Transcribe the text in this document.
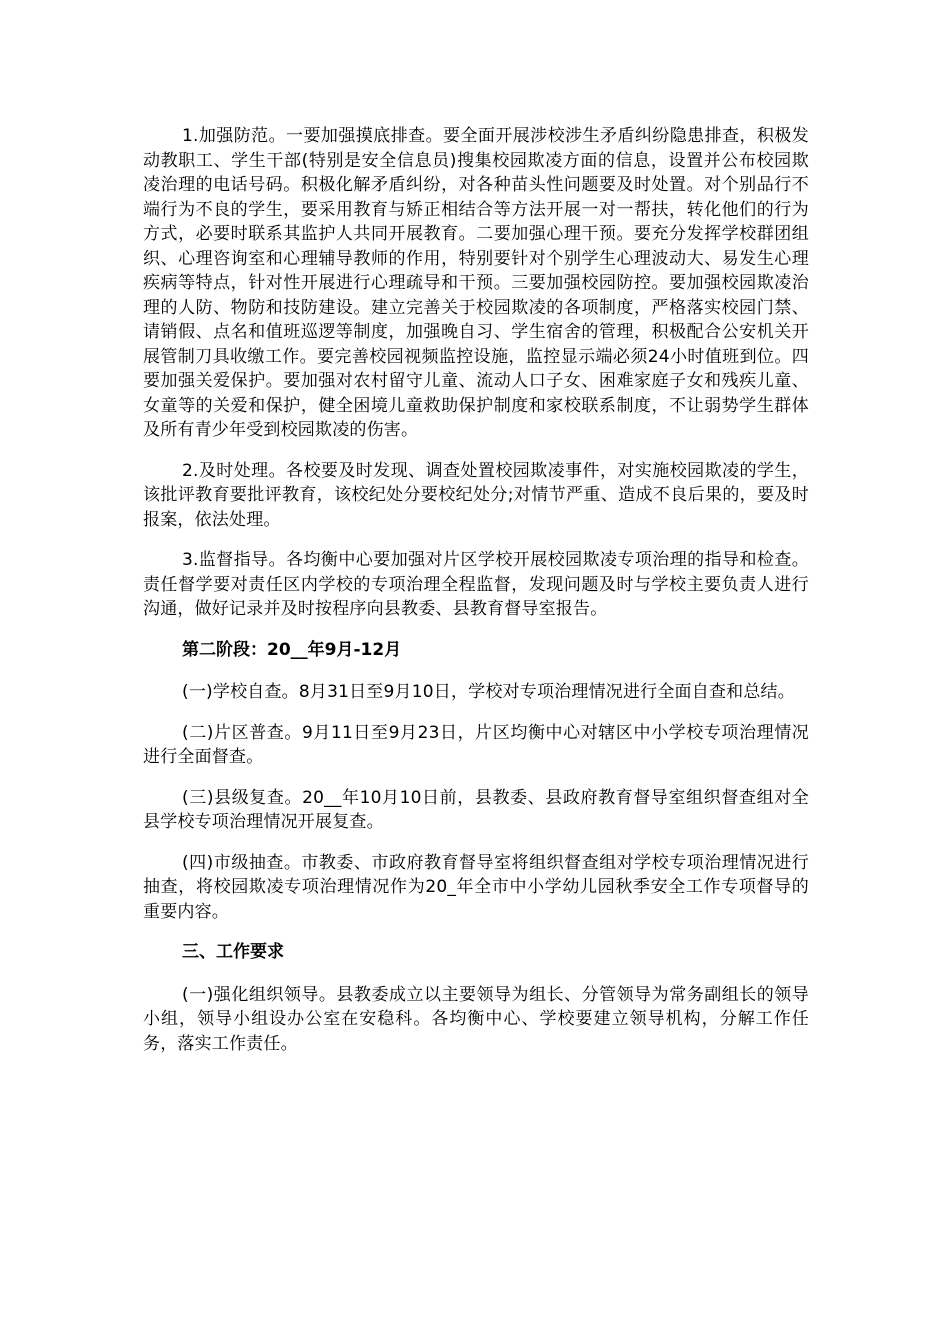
1.加强防范。一要加强摸底排查。要全面开展涉校涉生矛盾纠纷隐患排查，积极发动教职工、学生干部(特别是安全信息员)搜集校园欺凌方面的信息，设置并公布校园欺凌治理的电话号码。积极化解矛盾纠纷，对各种苗头性问题要及时处置。对个别品行不端行为不良的学生，要采用教育与矫正相结合等方法开展一对一帮扶，转化他们的行为方式，必要时联系其监护人共同开展教育。二要加强心理干预。要充分发挥学校群团组织、心理咨询室和心理辅导教师的作用，特别要针对个别学生心理波动大、易发生心理疾病等特点，针对性开展进行心理疏导和干预。三要加强校园防控。要加强校园欺凌治理的人防、物防和技防建设。建立完善关于校园欺凌的各项制度，严格落实校园门禁、请销假、点名和值班巡逻等制度，加强晚自习、学生宿舍的管理，积极配合公安机关开展管制刀具收缴工作。要完善校园视频监控设施，监控显示端必须24小时值班到位。四要加强关爱保护。要加强对农村留守儿童、流动人口子女、困难家庭子女和残疾儿童、女童等的关爱和保护，健全困境儿童救助保护制度和家校联系制度，不让弱势学生群体及所有青少年受到校园欺凌的伤害。

2.及时处理。各校要及时发现、调查处置校园欺凌事件，对实施校园欺凌的学生，该批评教育要批评教育，该校纪处分要校纪处分;对情节严重、造成不良后果的，要及时报案，依法处理。

3.监督指导。各均衡中心要加强对片区学校开展校园欺凌专项治理的指导和检查。责任督学要对责任区内学校的专项治理全程监督，发现问题及时与学校主要负责人进行沟通，做好记录并及时按程序向县教委、县教育督导室报告。

第二阶段：20__年9月-12月

(一)学校自查。8月31日至9月10日，学校对专项治理情况进行全面自查和总结。

(二)片区普查。9月11日至9月23日，片区均衡中心对辖区中小学校专项治理情况进行全面督查。

(三)县级复查。20__年10月10日前，县教委、县政府教育督导室组织督查组对全县学校专项治理情况开展复查。

(四)市级抽查。市教委、市政府教育督导室将组织督查组对学校专项治理情况进行抽查，将校园欺凌专项治理情况作为20_年全市中小学幼儿园秋季安全工作专项督导的重要内容。

三、工作要求

(一)强化组织领导。县教委成立以主要领导为组长、分管领导为常务副组长的领导小组，领导小组设办公室在安稳科。各均衡中心、学校要建立领导机构，分解工作任务，落实工作责任。
